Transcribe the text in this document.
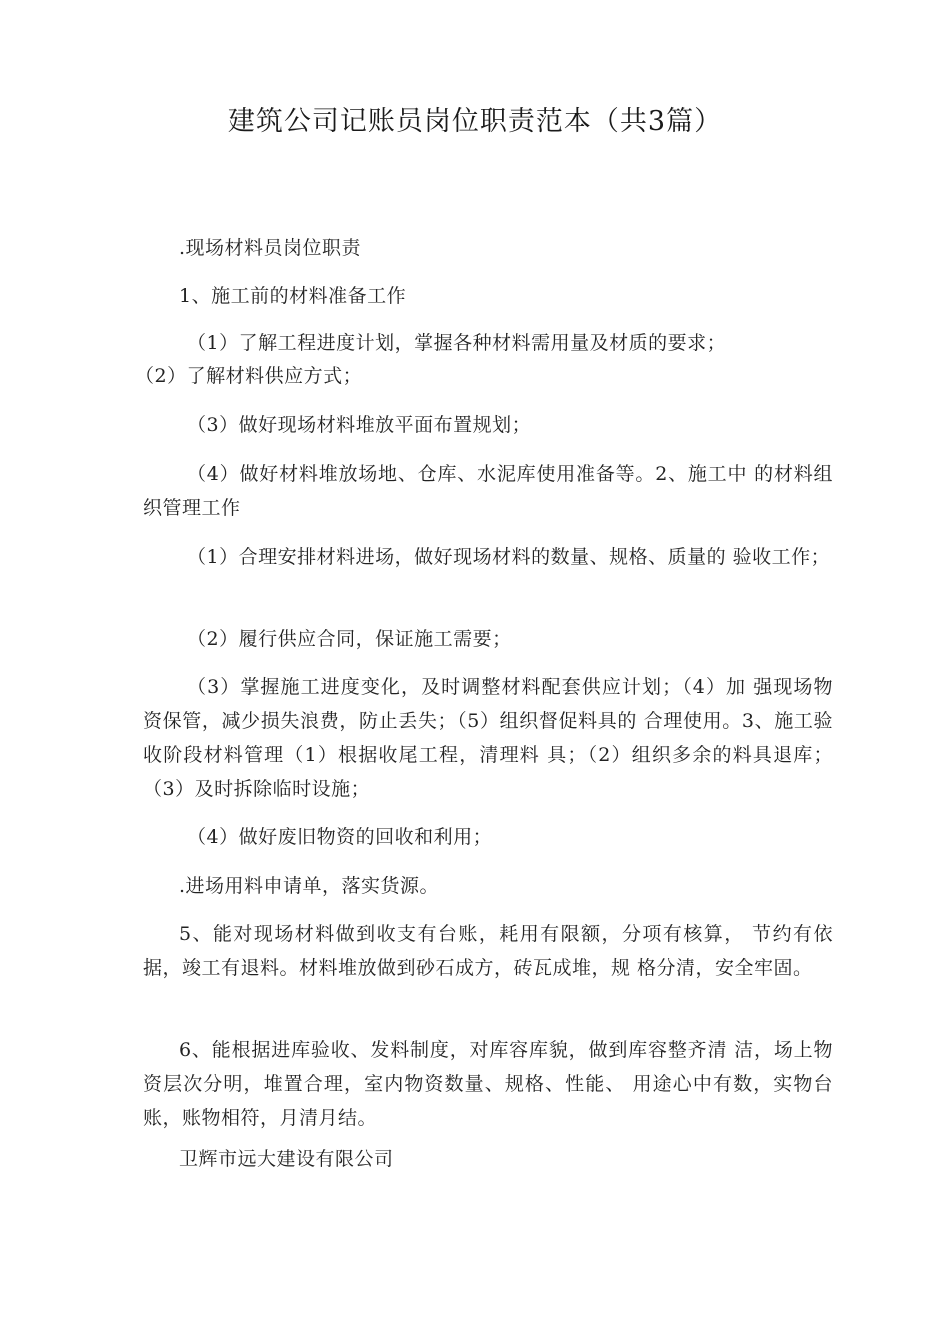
建筑公司记账员岗位职责范本（共3篇）
.现场材料员岗位职责
1、施工前的材料准备工作
（1）了解工程进度计划，掌握各种材料需用量及材质的要求；
（2）了解材料供应方式；
（3）做好现场材料堆放平面布置规划；
（4）做好材料堆放场地、仓库、水泥库使用准备等。2、施工中 的材料组织管理工作
（1）合理安排材料进场，做好现场材料的数量、规格、质量的 验收工作；
（2）履行供应合同，保证施工需要；
（3）掌握施工进度变化，及时调整材料配套供应计划；（4）加 强现场物资保管，减少损失浪费，防止丢失；（5）组织督促料具的 合理使用。3、施工验收阶段材料管理（1）根据收尾工程，清理料 具；（2）组织多余的料具退库；（3）及时拆除临时设施；
（4）做好废旧物资的回收和利用；
.进场用料申请单，落实货源。
5、能对现场材料做到收支有台账，耗用有限额，分项有核算， 节约有依据，竣工有退料。材料堆放做到砂石成方，砖瓦成堆，规 格分清，安全牢固。
6、能根据进库验收、发料制度，对库容库貌，做到库容整齐清 洁，场上物资层次分明，堆置合理，室内物资数量、规格、性能、 用途心中有数，实物台账，账物相符，月清月结。
卫辉市远大建设有限公司
